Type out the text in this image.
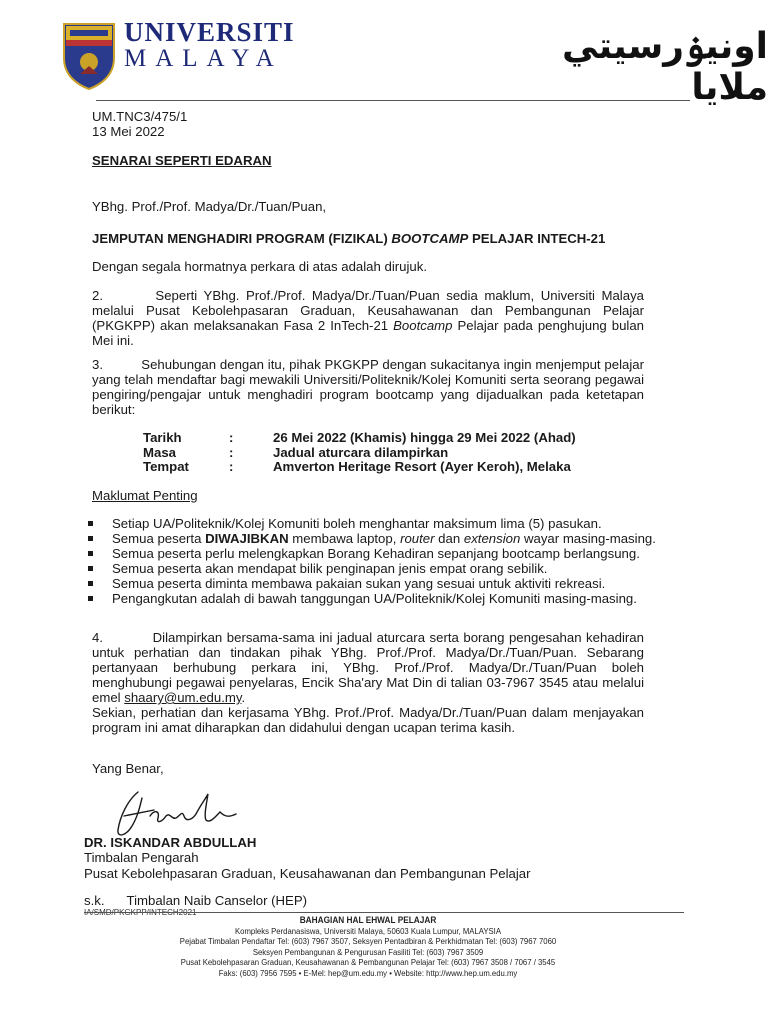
UNIVERSITI
MALAYA	اونيۏرسيتي ملايا
UM.TNC3/475/1
13 Mei 2022
SENARAI SEPERTI EDARAN
YBhg. Prof./Prof. Madya/Dr./Tuan/Puan,
JEMPUTAN MENGHADIRI PROGRAM (FIZIKAL) BOOTCAMP PELAJAR INTECH-21
Dengan segala hormatnya perkara di atas adalah dirujuk.
2.	Seperti YBhg. Prof./Prof. Madya/Dr./Tuan/Puan sedia maklum, Universiti Malaya melalui Pusat Kebolehpasaran Graduan, Keusahawanan dan Pembangunan Pelajar (PKGKPP) akan melaksanakan Fasa 2 InTech-21 Bootcamp Pelajar pada penghujung bulan Mei ini.
3.	Sehubungan dengan itu, pihak PKGKPP dengan sukacitanya ingin menjemput pelajar yang telah mendaftar bagi mewakili Universiti/Politeknik/Kolej Komuniti serta seorang pegawai pengiring/pengajar untuk menghadiri program bootcamp yang dijadualkan pada ketetapan berikut:
Tarikh	:	26 Mei 2022 (Khamis) hingga 29 Mei 2022 (Ahad)
Masa	:	Jadual aturcara dilampirkan
Tempat	:	Amverton Heritage Resort (Ayer Keroh), Melaka
Maklumat Penting
Setiap UA/Politeknik/Kolej Komuniti boleh menghantar maksimum lima (5) pasukan.
Semua peserta DIWAJIBKAN membawa laptop, router dan extension wayar masing-masing.
Semua peserta perlu melengkapkan Borang Kehadiran sepanjang bootcamp berlangsung.
Semua peserta akan mendapat bilik penginapan jenis empat orang sebilik.
Semua peserta diminta membawa pakaian sukan yang sesuai untuk aktiviti rekreasi.
Pengangkutan adalah di bawah tanggungan UA/Politeknik/Kolej Komuniti masing-masing.
4.	Dilampirkan bersama-sama ini jadual aturcara serta borang pengesahan kehadiran untuk perhatian dan tindakan pihak YBhg. Prof./Prof. Madya/Dr./Tuan/Puan. Sebarang pertanyaan berhubung perkara ini, YBhg. Prof./Prof. Madya/Dr./Tuan/Puan boleh menghubungi pegawai penyelaras, Encik Sha'ary Mat Din di talian 03-7967 3545 atau melalui emel shaary@um.edu.my.
Sekian, perhatian dan kerjasama YBhg. Prof./Prof. Madya/Dr./Tuan/Puan dalam menjayakan program ini amat diharapkan dan didahului dengan ucapan terima kasih.
Yang Benar,
DR. ISKANDAR ABDULLAH
Timbalan Pengarah
Pusat Kebolehpasaran Graduan, Keusahawanan dan Pembangunan Pelajar
s.k. Timbalan Naib Canselor (HEP)
IA/SMD/PKGKPP/INTECH2021
BAHAGIAN HAL EHWAL PELAJAR
Kompleks Perdanasiswa, Universiti Malaya, 50603 Kuala Lumpur, MALAYSIA
Pejabat Timbalan Pendaftar Tel: (603) 7967 3507, Seksyen Pentadbiran & Perkhidmatan Tel: (603) 7967 7060
Seksyen Pembangunan & Pengurusan Fasiliti Tel: (603) 7967 3509
Pusat Kebolehpasaran Graduan, Keusahawanan & Pembangunan Pelajar Tel: (603) 7967 3508 / 7067 / 3545
Faks: (603) 7956 7595 • E-Mel: hep@um.edu.my • Website: http://www.hep.um.edu.my
